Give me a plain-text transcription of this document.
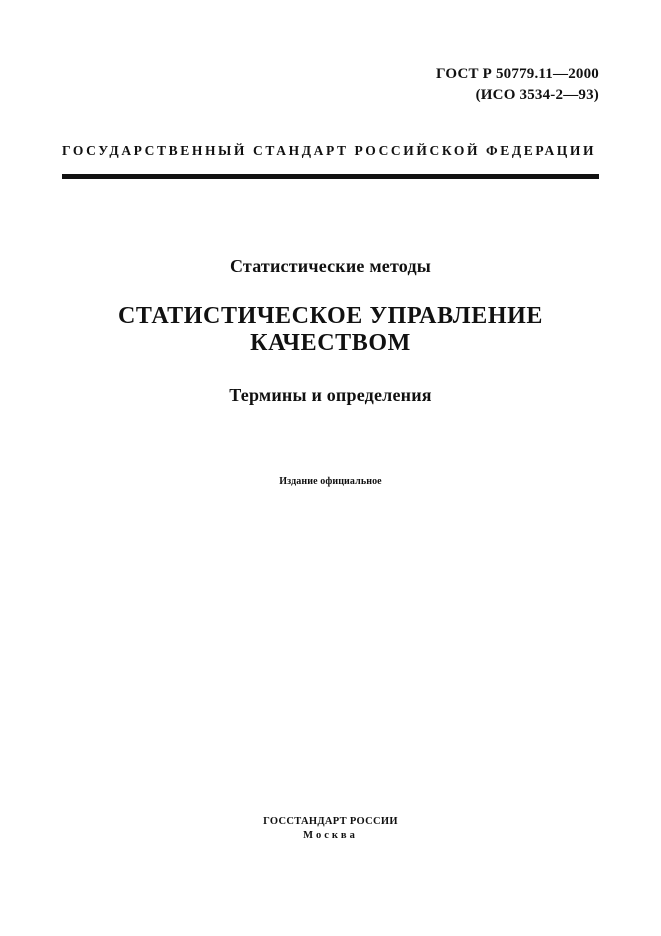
ГОСТ Р 50779.11—2000
(ИСО 3534-2—93)
ГОСУДАРСТВЕННЫЙ СТАНДАРТ РОССИЙСКОЙ ФЕДЕРАЦИИ
Статистические методы
СТАТИСТИЧЕСКОЕ УПРАВЛЕНИЕ
КАЧЕСТВОМ
Термины и определения
Издание официальное
ГОССТАНДАРТ РОССИИ
Москва
